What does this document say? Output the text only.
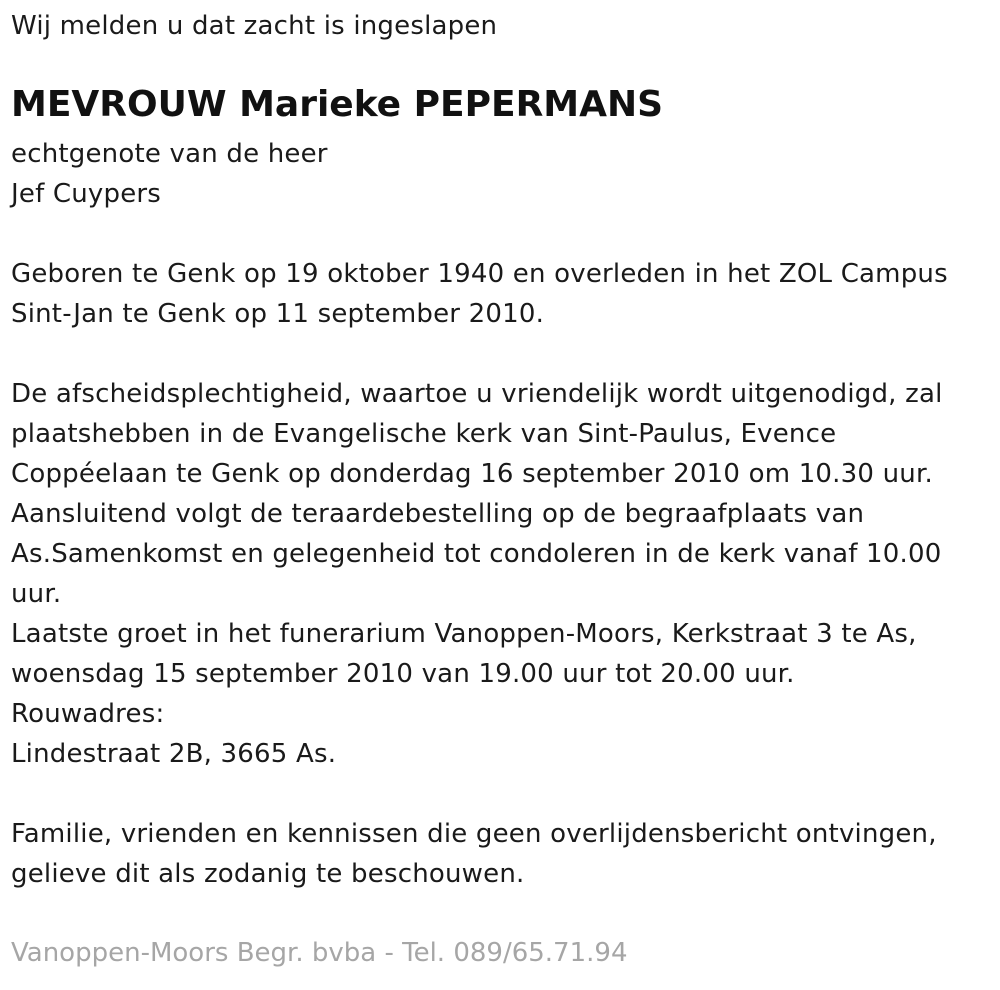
Wij melden u dat zacht is ingeslapen
MEVROUW Marieke PEPERMANS
echtgenote van de heer
Jef Cuypers
Geboren te Genk op 19 oktober 1940 en overleden in het ZOL Campus
Sint-Jan te Genk op 11 september 2010.
De afscheidsplechtigheid, waartoe u vriendelijk wordt uitgenodigd, zal
plaatshebben in de Evangelische kerk van Sint-Paulus, Evence
Coppéelaan te Genk op donderdag 16 september 2010 om 10.30 uur.
Aansluitend volgt de teraardebestelling op de begraafplaats van
As.Samenkomst en gelegenheid tot condoleren in de kerk vanaf 10.00
uur.
Laatste groet in het funerarium Vanoppen-Moors, Kerkstraat 3 te As,
woensdag 15 september 2010 van 19.00 uur tot 20.00 uur.
Rouwadres:
Lindestraat 2B, 3665 As.
Familie, vrienden en kennissen die geen overlijdensbericht ontvingen,
gelieve dit als zodanig te beschouwen.
Vanoppen-Moors Begr. bvba - Tel. 089/65.71.94
